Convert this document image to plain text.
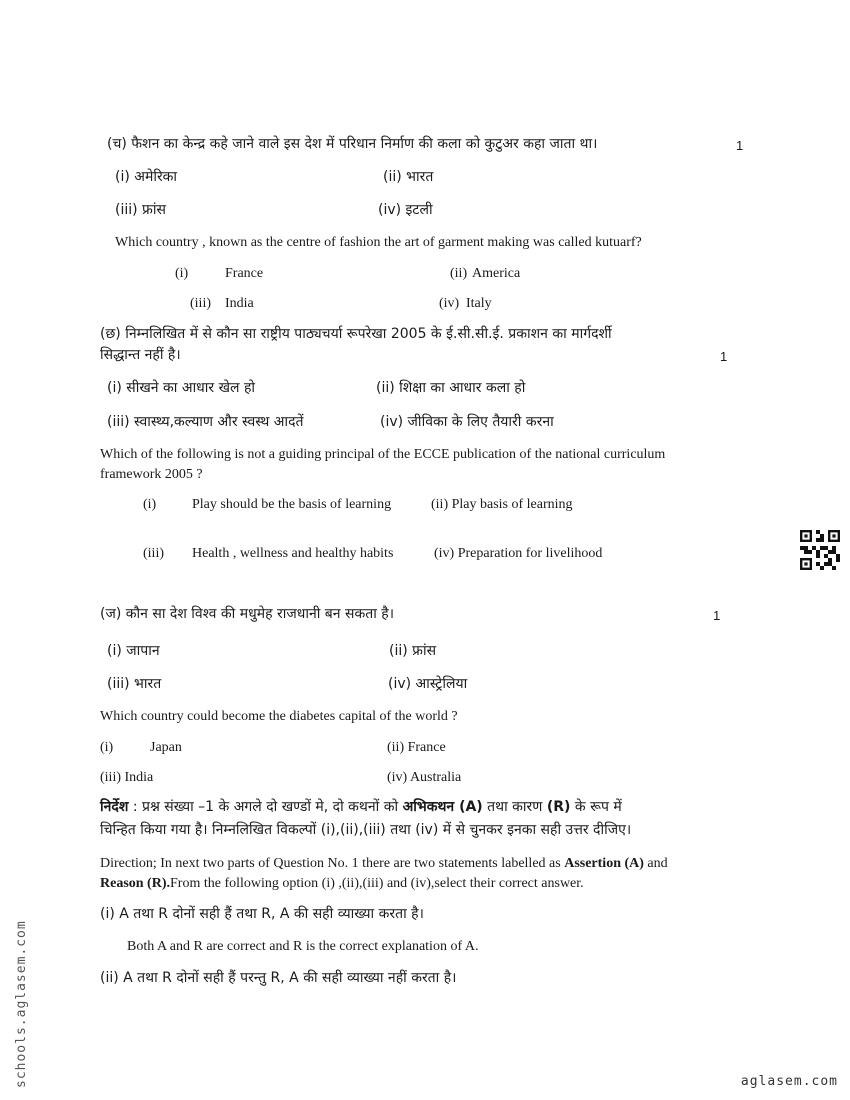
(च) फैशन का केन्द्र कहे जाने वाले इस देश में परिधान निर्माण की कला को कुटुअर कहा जाता था।	1
(i) अमेरिका	(ii) भारत
(iii) फ्रांस	(iv) इटली
Which country , known as the centre of fashion the art of garment making was called kutuarf?
(i)	France	(ii) America
(iii) India	(iv) Italy
(छ) निम्नलिखित में से कौन सा राष्ट्रीय पाठ्यचर्या रूपरेखा 2005 के ई.सी.सी.ई. प्रकाशन का मार्गदर्शी
सिद्धान्त नहीं है।	1
(i) सीखने का आधार खेल हो	(ii) शिक्षा का आधार कला हो
(iii) स्वास्थ्य,कल्याण और स्वस्थ आदतें	(iv) जीविका के लिए तैयारी करना
Which of the following is not a guiding principal of the ECCE publication of the national curriculum
framework 2005 ?
(i)	Play should be the basis of learning	(ii) Play basis of learning
(iii) Health , wellness and healthy habits	(iv) Preparation for livelihood
(ज) कौन सा देश विश्व की मधुमेह राजधानी बन सकता है।	1
(i) जापान	(ii) फ्रांस
(iii) भारत	(iv) आस्ट्रेलिया
Which country could become the diabetes capital of the world ?
(i)	Japan	(ii) France
(iii) India	(iv) Australia
निर्देश : प्रश्न संख्या –1 के अगले दो खण्डों मे, दो कथनों को अभिकथन (A) तथा कारण (R) के रूप में
चिन्हित किया गया है। निम्नलिखित विकल्पों (i),(ii),(iii) तथा (iv) में से चुनकर इनका सही उत्तर दीजिए।
Direction; In next two parts of Question No. 1 there are two statements labelled as Assertion (A) and
Reason (R).From the following option (i) ,(ii),(iii) and (iv),select their correct answer.
(i) A तथा R दोनों सही हैं तथा R, A की सही व्याख्या करता है।
Both A and R are correct and R is the correct explanation of A.
(ii) A तथा R दोनों सही हैं परन्तु R, A की सही व्याख्या नहीं करता है।
schools.aglasem.com	aglasem.com
